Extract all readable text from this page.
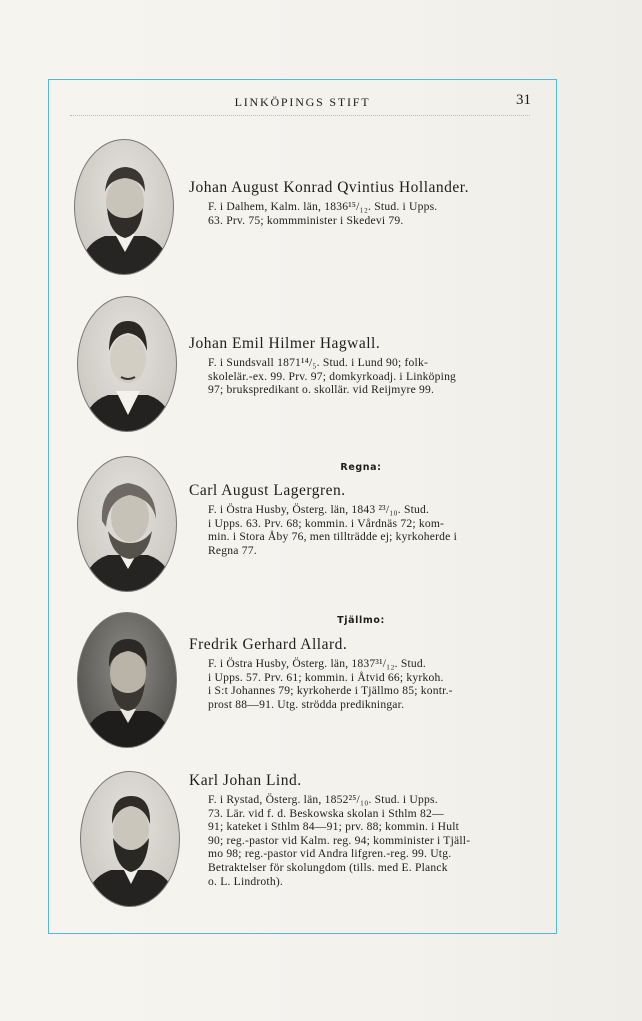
LINKÖPINGS STIFT	31
Johan August Konrad Qvintius Hollander.
F. i Dalhem, Kalm. län, 1836¹⁵/₁₂. Stud. i Upps.
63. Prv. 75; kommminister i Skedevi 79.
Johan Emil Hilmer Hagwall.
F. i Sundsvall 1871¹⁴/₅. Stud. i Lund 90; folk-
skolelär.-ex. 99. Prv. 97; domkyrkoadj. i Linköping
97; brukspredikant o. skollär. vid Reijmyre 99.
Regna:
Carl August Lagergren.
F. i Östra Husby, Österg. län, 1843 ²³/₁₀. Stud.
i Upps. 63. Prv. 68; kommin. i Vårdnäs 72; kom-
min. i Stora Åby 76, men tillträdde ej; kyrkoherde i
Regna 77.
Tjällmo:
Fredrik Gerhard Allard.
F. i Östra Husby, Österg. län, 1837³¹/₁₂. Stud.
i Upps. 57. Prv. 61; kommin. i Åtvid 66; kyrkoh.
i S:t Johannes 79; kyrkoherde i Tjällmo 85; kontr.-
prost 88—91. Utg. strödda predikningar.
Karl Johan Lind.
F. i Rystad, Österg. län, 1852²⁵/₁₀. Stud. i Upps.
73. Lär. vid f. d. Beskowska skolan i Sthlm 82—
91; kateket i Sthlm 84—91; prv. 88; kommin. i Hult
90; reg.-pastor vid Kalm. reg. 94; komminister i Tjäll-
mo 98; reg.-pastor vid Andra lifgren.-reg. 99. Utg.
Betraktelser för skolungdom (tills. med E. Planck
o. L. Lindroth).
